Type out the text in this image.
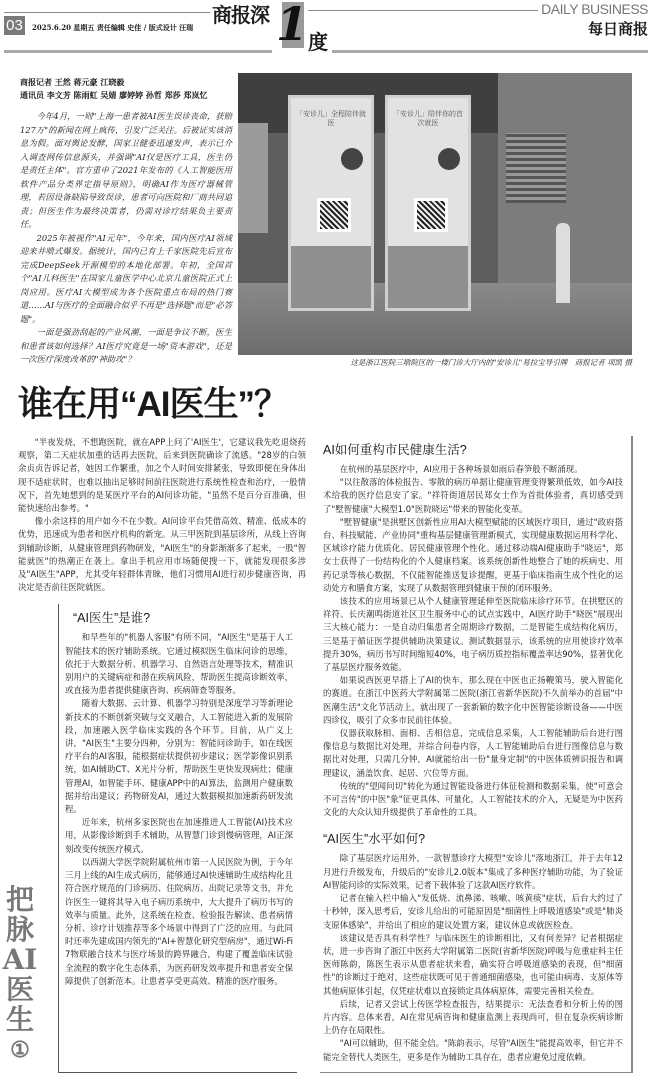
03	2025.6.20 星期五 责任编辑 史佳 / 版式设计 汪瑞
商报深 1 度
DAILY BUSINESS
每日商报
商报记者 王然 蒋元豪 江晓毅
通讯员 李文芳 陈雨虹 吴婧 廖婷婷 孙哲 郑莎 郑岚忆

今年4月，一则"上海一患者被AI医生误诊丧命，获赔127万"的新闻在网上疯传，引发广泛关注。后被证实该消息为假。面对舆论发酵，国家卫健委迅速发声，表示已介入调查网传信息源头，并强调"AI仅是医疗工具，医生仍是责任主体"。官方重申了2021年发布的《人工智能医用软件产品分类界定指导原则》，明确AI作为医疗器械管理，若因设备缺陷导致误诊，患者可向医院和厂商共同追责；但医生作为最终决策者，仍需对诊疗结果负主要责任。

2025年被视作"AI元年"，今年来，国内医疗AI领域迎来井喷式爆发。据统计，国内已有上千家医院先后宣布完成DeepSeek开源模型的本地化部署。年初，全国首个"AI儿科医生"在国家儿童医学中心北京儿童医院正式上岗应用。医疗AI大模型成为各个医院重点布局的热门赛道……AI与医疗的全面融合似乎不再是"选择题"而是"必答题"。

一面是强劲刮起的产业风潮，一面是争议不断，医生和患者该如何选择？AI医疗究竟是一场"资本游戏"，还是一次医疗深度改革的"神助攻"？

「安诊儿」全程陪伴就医
「安诊儿」陪伴你的首次就医
这是浙江医院三墩院区的一楼门诊大厅内的"安诊儿"易拉宝导引牌　商报记者 项凯 摄
谁在用“AI医生”？

"半夜发烧，不想跑医院，就在APP上问了'AI医生'，它建议我先吃退烧药观察，第二天症状加重的话再去医院，后来到医院确诊了流感。"28岁的白领余贞贞告诉记者，她因工作繁重，加之个人时间安排紧张，导致即便在身体出现不适症状时，也难以抽出足够时间前往医院进行系统性检查和治疗，一般情况下，首先她想到的是某医疗平台的AI问诊功能，"虽然不是百分百准确，但能快速给出参考。"

像小余这样的用户如今不在少数。AI问诊平台凭借高效、精准、低成本的优势，迅速成为患者和医疗机构的新宠。从三甲医院到基层诊所，从线上咨询到辅助诊断，从健康管理到药物研发，"AI医生"的身影渐渐多了起来，一股"智能就医"的热潮正在袭上。拿出手机应用市场随便搜一下，就能发现很多涉及"AI医生"APP，尤其受年轻群体青睐，他们习惯用AI进行初步健康咨询，再决定是否前往医院就医。

把
脉
AI
医
生
①
“AI医生”是谁?

和早些年的"机器人客服"有所不同，"AI医生"是基于人工智能技术的医疗辅助系统。它通过模拟医生临床问诊的思维，依托于大数据分析、机器学习、自然语言处理等技术，精准识别用户的关键病症和潜在疾病风险，帮助医生提高诊断效率，或直接为患者提供健康咨询、疾病筛查等服务。

随着大数据、云计算、机器学习特别是深度学习等新理论新技术的不断创新突破与交叉融合，人工智能进入新的发展阶段，加速融入医学临床实践的各个环节。目前，从广义上讲，"AI医生"主要分四种，分别为：智能问诊助手，如在线医疗平台的AI客服，能根据症状提供初步建议；医学影像识别系统，如AI辅助CT、X光片分析，帮助医生更快发现病灶；健康管理AI，如智能手环、健康APP中的AI算法，监测用户健康数据并给出建议；药物研发AI，通过大数据模拟加速新药研发流程。

近年来，杭州多家医院也在加速推进人工智能(AI)技术应用，从影像诊断到手术辅助，从智慧门诊到慢病管理，AI正深刻改变传统医疗模式。

以西湖大学医学院附属杭州市第一人民医院为例，于今年三月上线的AI生成式病历，能够通过AI快速辅助生成结构化且符合医疗规范的门诊病历、住院病历、出院记录等文书，并允许医生一键将其导入电子病历系统中，大大提升了病历书写的效率与质量。此外，这系统在检查、检验报告解读、患者病情分析、诊疗计划推荐等多个场景中得到了广泛的应用。与此同时还率先建成国内领先的"AI+智慧化研究型病房"，通过Wi-Fi 7物联融合技术与医疗场景的跨界融合，构建了覆盖临床试验全流程的数字化生态体系，为医药研发效率提升和患者安全保障提供了创新范本。让患者享受更高效、精准的医疗服务。

AI如何重构市民健康生活?

在杭州的基层医疗中，AI应用于各种场景如雨后春笋般不断涌现。

"以往散落的体检报告、零散的病历单据让健康管理变得繁琐低效，如今AI技术给我的医疗信息安了家。"祥符街道居民郑女士作为首批体验者，真切感受到了"墅智健康"大模型1.0"医院晓运"带来的智能化变革。

"墅智健康"是拱墅区创新性应用AI大模型赋能的区域医疗项目，通过"政府搭台、科技赋能、产业协同"重构基层健康管理新模式，实现健康数据运用科学化、区域诊疗能力优质化、居民健康管理个性化。通过移动端AI健康助手"晓运"，郑女士获得了一份结构化的个人健康档案。该系统创新性地整合了她的疾病史、用药记录等核心数据，不仅能智能推送复诊提醒，更基于临床指南生成个性化的运动处方和膳食方案，实现了从数据管理到健康干预的闭环服务。

该技术的应用场景已从个人健康管理延伸至医院临床诊疗环节。在拱墅区的祥符、长庆潮鸣街道社区卫生服务中心的试点实践中，AI医疗助手"晓医"展现出三大核心能力：一是自动归集患者全周期诊疗数据，二是智能生成结构化病历，三是基于循证医学提供辅助决策建议。测试数据显示，该系统的应用使诊疗效率提升30%，病历书写时间缩短40%，电子病历质控指标覆盖率达90%，显著优化了基层医疗服务效能。

如果说西医更早搭上了AI的快车，那么现在中医也正扬鞭策马，驶入智能化的赛道。在浙江中医药大学附属第二医院(浙江省新华医院)不久前举办的首届"中医潮生活"文化节活动上，就出现了一套新颖的数字化中医智能诊断设备——中医四诊仪，吸引了众多市民前往体验。

仪器获取脉相、面相、舌相信息，完成信息采集，人工智能辅助后台进行图像信息与数据比对处理，并综合问卷内容，人工智能辅助后台进行图像信息与数据比对处理，只需几分钟，AI就能给出一份"量身定制"的中医体质辨识报告和调理建议，涵盖饮食、起居、穴位等方面。

传统的"望闻问切"转化为通过智能设备进行体征检测和数据采集，使"可意会不可言传"的中医"象"征更具体、可量化，人工智能技术的介入，无疑是为中医药文化的大众认知升级提供了革命性的工具。

“AI医生”水平如何?

除了基层医疗运用外，一款智慧诊疗大模型"安诊儿"落地浙江，并于去年12月进行升级发布，升级后的"安诊儿2.0版本"集成了多种医疗辅助功能，为了验证AI智能问诊的实际效果，记者下载体验了这款AI医疗软件。

记者在输入栏中输入"发低烧、流鼻涕、咳嗽、咳黄痰"症状，后台大约过了十秒钟，深入思考后，安诊儿给出的可能原因是"细菌性上呼吸道感染"或是"肺炎支原体感染"，并给出了相应的建议处置方案，建议休息或就医检查。

该建议是否具有科学性？与临床医生的诊断相比，又有何差异？记者根据症状，进一步咨询了浙江中医药大学附属第二医院(省新华医院)呼吸与危重症科主任医师陈韵，陈医生表示从患者症状来看，确实符合呼吸道感染的表现，但"细菌性"的诊断过于绝对，这些症状既可见于普通细菌感染，也可能由病毒、支原体等其他病原体引起，仅凭症状难以直接锁定具体病原体，需要完善相关检查。

后续，记者又尝试上传医学检查报告，结果提示：无法查看和分析上传的图片内容。总体来看，AI在常见病咨询和健康监测上表现尚可，但在复杂疾病诊断上仍存在局限性。

"AI可以辅助，但不能全信。"陈韵表示，尽管"AI医生"能提高效率，但它并不能完全替代人类医生，更多是作为辅助工具存在，患者应避免过度依赖。
